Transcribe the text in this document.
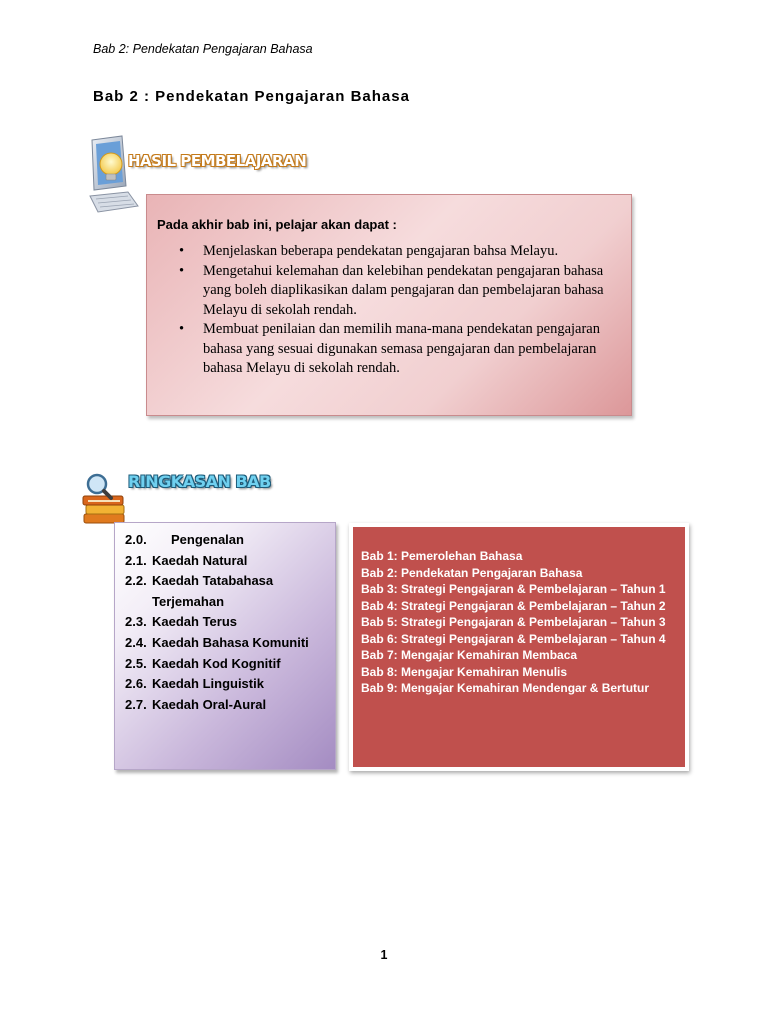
Bab 2: Pendekatan Pengajaran Bahasa
Bab 2 : Pendekatan Pengajaran Bahasa
HASIL PEMBELAJARAN
Pada akhir bab ini, pelajar akan dapat :
• Menjelaskan beberapa pendekatan pengajaran bahsa Melayu.
• Mengetahui kelemahan dan kelebihan pendekatan pengajaran bahasa yang boleh diaplikasikan dalam pengajaran dan pembelajaran bahasa Melayu di sekolah rendah.
• Membuat penilaian dan memilih mana-mana pendekatan pengajaran bahasa yang sesuai digunakan semasa pengajaran dan pembelajaran bahasa Melayu di sekolah rendah.
RINGKASAN BAB
2.0. Pengenalan
2.1. Kaedah Natural
2.2. Kaedah Tatabahasa
Terjemahan
2.3. Kaedah Terus
2.4. Kaedah Bahasa Komuniti
2.5. Kaedah Kod Kognitif
2.6. Kaedah Linguistik
2.7. Kaedah Oral-Aural
Bab 1: Pemerolehan Bahasa
Bab 2: Pendekatan Pengajaran Bahasa
Bab 3: Strategi Pengajaran & Pembelajaran – Tahun 1
Bab 4: Strategi Pengajaran & Pembelajaran – Tahun 2
Bab 5: Strategi Pengajaran & Pembelajaran – Tahun 3
Bab 6: Strategi Pengajaran & Pembelajaran – Tahun 4
Bab 7: Mengajar Kemahiran Membaca
Bab 8: Mengajar Kemahiran Menulis
Bab 9: Mengajar Kemahiran Mendengar & Bertutur
1
